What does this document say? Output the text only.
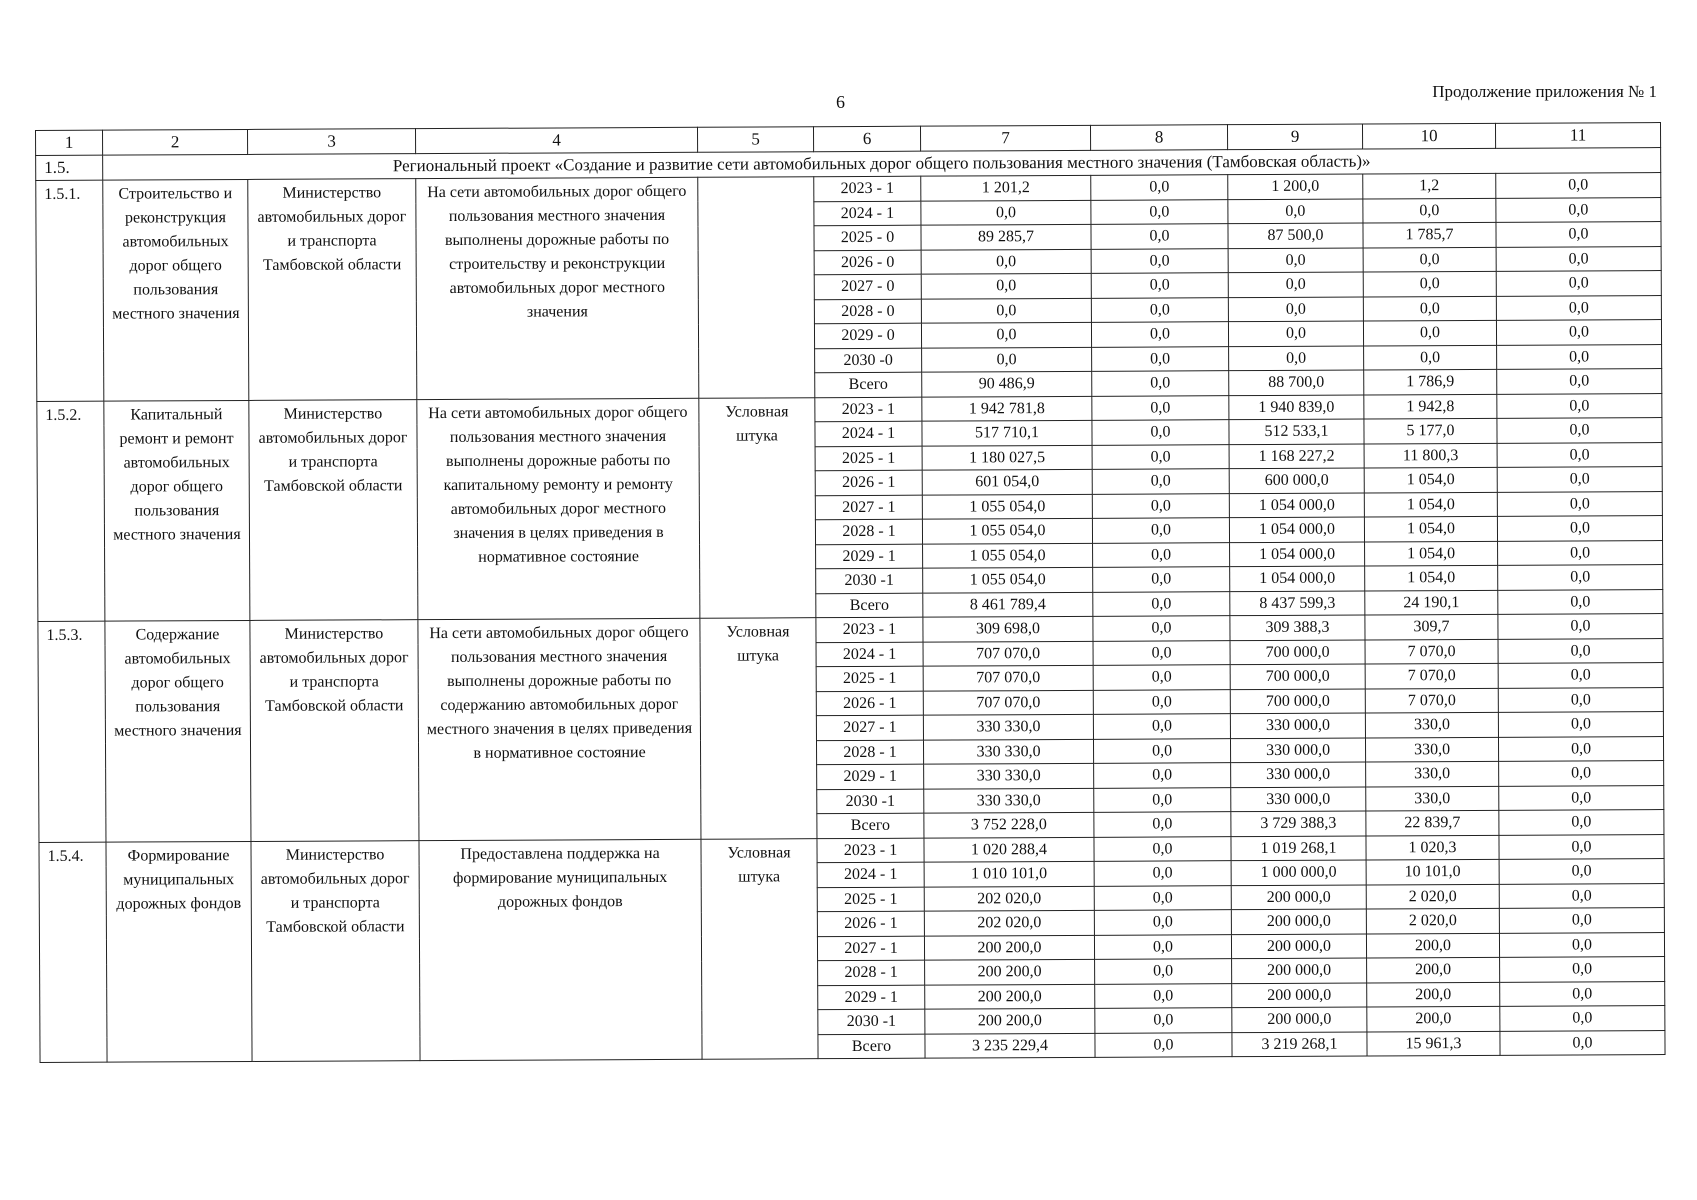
6
Продолжение приложения № 1
1	2	3	4	5	6	7	8	9	10	11
1.5.	Региональный проект «Создание и развитие сети автомобильных дорог общего пользования местного значения (Тамбовская область)»									
1.5.1.	Строительство и реконструкция автомобильных дорог общего пользования местного значения	Министерство автомобильных дорог и транспорта Тамбовской области	На сети автомобильных дорог общего пользования местного значения выполнены дорожные работы по строительству и реконструкции автомобильных дорог местного значения		2023 - 1	1 201,2	0,0	1 200,0	1,2	0,0
					2024 - 1	0,0	0,0	0,0	0,0	0,0
					2025 - 0	89 285,7	0,0	87 500,0	1 785,7	0,0
					2026 - 0	0,0	0,0	0,0	0,0	0,0
					2027 - 0	0,0	0,0	0,0	0,0	0,0
					2028 - 0	0,0	0,0	0,0	0,0	0,0
					2029 - 0	0,0	0,0	0,0	0,0	0,0
					2030 -0	0,0	0,0	0,0	0,0	0,0
					Всего	90 486,9	0,0	88 700,0	1 786,9	0,0
1.5.2.	Капитальный ремонт и ремонт автомобильных дорог общего пользования местного значения	Министерство автомобильных дорог и транспорта Тамбовской области	На сети автомобильных дорог общего пользования местного значения выполнены дорожные работы по капитальному ремонту и ремонту автомобильных дорог местного значения в целях приведения в нормативное состояние	Условная штука	2023 - 1	1 942 781,8	0,0	1 940 839,0	1 942,8	0,0
					2024 - 1	517 710,1	0,0	512 533,1	5 177,0	0,0
					2025 - 1	1 180 027,5	0,0	1 168 227,2	11 800,3	0,0
					2026 - 1	601 054,0	0,0	600 000,0	1 054,0	0,0
					2027 - 1	1 055 054,0	0,0	1 054 000,0	1 054,0	0,0
					2028 - 1	1 055 054,0	0,0	1 054 000,0	1 054,0	0,0
					2029 - 1	1 055 054,0	0,0	1 054 000,0	1 054,0	0,0
					2030 -1	1 055 054,0	0,0	1 054 000,0	1 054,0	0,0
					Всего	8 461 789,4	0,0	8 437 599,3	24 190,1	0,0
1.5.3.	Содержание автомобильных дорог общего пользования местного значения	Министерство автомобильных дорог и транспорта Тамбовской области	На сети автомобильных дорог общего пользования местного значения выполнены дорожные работы по содержанию автомобильных дорог местного значения в целях приведения в нормативное состояние	Условная штука	2023 - 1	309 698,0	0,0	309 388,3	309,7	0,0
					2024 - 1	707 070,0	0,0	700 000,0	7 070,0	0,0
					2025 - 1	707 070,0	0,0	700 000,0	7 070,0	0,0
					2026 - 1	707 070,0	0,0	700 000,0	7 070,0	0,0
					2027 - 1	330 330,0	0,0	330 000,0	330,0	0,0
					2028 - 1	330 330,0	0,0	330 000,0	330,0	0,0
					2029 - 1	330 330,0	0,0	330 000,0	330,0	0,0
					2030 -1	330 330,0	0,0	330 000,0	330,0	0,0
					Всего	3 752 228,0	0,0	3 729 388,3	22 839,7	0,0
1.5.4.	Формирование муниципальных дорожных фондов	Министерство автомобильных дорог и транспорта Тамбовской области	Предоставлена поддержка на формирование муниципальных дорожных фондов	Условная штука	2023 - 1	1 020 288,4	0,0	1 019 268,1	1 020,3	0,0
					2024 - 1	1 010 101,0	0,0	1 000 000,0	10 101,0	0,0
					2025 - 1	202 020,0	0,0	200 000,0	2 020,0	0,0
					2026 - 1	202 020,0	0,0	200 000,0	2 020,0	0,0
					2027 - 1	200 200,0	0,0	200 000,0	200,0	0,0
					2028 - 1	200 200,0	0,0	200 000,0	200,0	0,0
					2029 - 1	200 200,0	0,0	200 000,0	200,0	0,0
					2030 -1	200 200,0	0,0	200 000,0	200,0	0,0
					Всего	3 235 229,4	0,0	3 219 268,1	15 961,3	0,0
